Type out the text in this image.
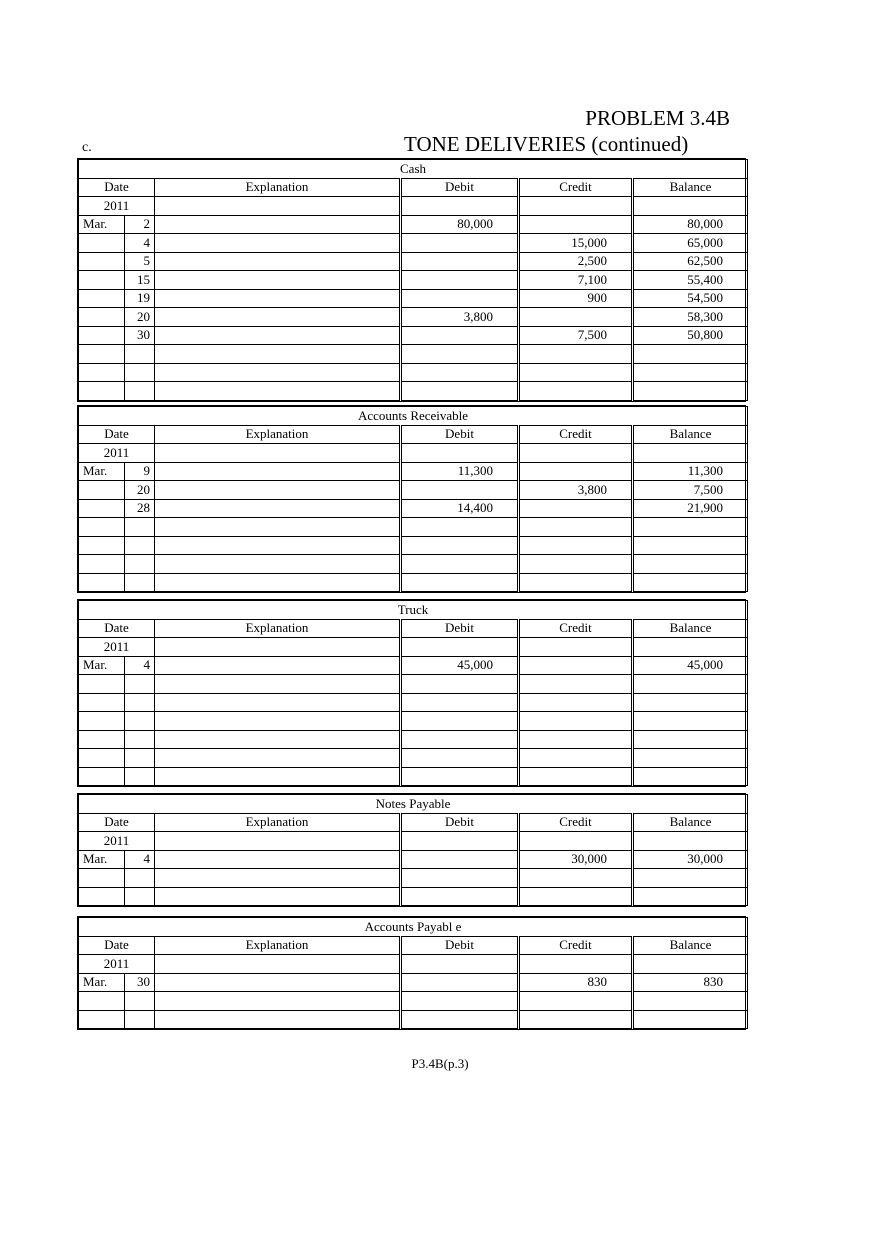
PROBLEM 3.4B
c.	TONE DELIVERIES (continued)
Cash					
Date		Explanation	Debit	Credit	Balance
2011					
Mar.	2		80,000		80,000
	4			15,000	65,000
	5			2,500	62,500
	15			7,100	55,400
	19			900	54,500
	20		3,800		58,300
	30			7,500	50,800

Accounts Receivable					
Date		Explanation	Debit	Credit	Balance
2011					
Mar.	9		11,300		11,300
	20			3,800	7,500
	28		14,400		21,900

Truck					
Date		Explanation	Debit	Credit	Balance
2011					
Mar.	4		45,000		45,000

Notes Payable					
Date		Explanation	Debit	Credit	Balance
2011					
Mar.	4			30,000	30,000

Accounts Payabl e					
Date		Explanation	Debit	Credit	Balance
2011					
Mar.	30			830	830

P3.4B(p.3)
